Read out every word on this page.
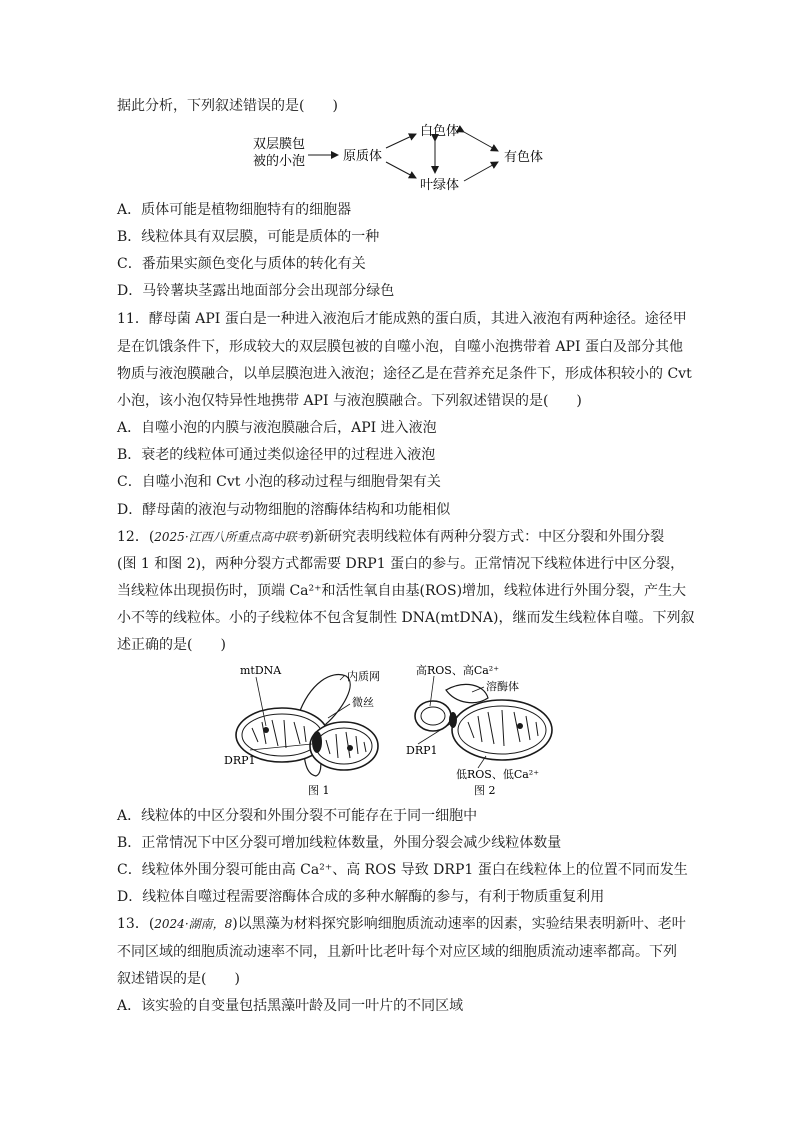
据此分析，下列叙述错误的是(　　)
双层膜包
被的小泡	原质体
白色体
叶绿体
有色体
A．质体可能是植物细胞特有的细胞器
B．线粒体具有双层膜，可能是质体的一种
C．番茄果实颜色变化与质体的转化有关
D．马铃薯块茎露出地面部分会出现部分绿色
11．酵母菌 API 蛋白是一种进入液泡后才能成熟的蛋白质，其进入液泡有两种途径。途径甲
是在饥饿条件下，形成较大的双层膜包被的自噬小泡，自噬小泡携带着 API 蛋白及部分其他
物质与液泡膜融合，以单层膜泡进入液泡；途径乙是在营养充足条件下，形成体积较小的 Cvt
小泡，该小泡仅特异性地携带 API 与液泡膜融合。下列叙述错误的是(　　)
A．自噬小泡的内膜与液泡膜融合后，API 进入液泡
B．衰老的线粒体可通过类似途径甲的过程进入液泡
C．自噬小泡和 Cvt 小泡的移动过程与细胞骨架有关
D．酵母菌的液泡与动物细胞的溶酶体结构和功能相似
12．(2025·江西八所重点高中联考)新研究表明线粒体有两种分裂方式：中区分裂和外围分裂
(图 1 和图 2)，两种分裂方式都需要 DRP1 蛋白的参与。正常情况下线粒体进行中区分裂，
当线粒体出现损伤时，顶端 Ca²⁺和活性氧自由基(ROS)增加，线粒体进行外围分裂，产生大
小不等的线粒体。小的子线粒体不包含复制性 DNA(mtDNA)，继而发生线粒体自噬。下列叙
述正确的是(　　)
mtDNA	内质网
微丝
DRP1
图 1
高ROS、高Ca²⁺
溶酶体
DRP1
低ROS、低Ca²⁺
图 2
A．线粒体的中区分裂和外围分裂不可能存在于同一细胞中
B．正常情况下中区分裂可增加线粒体数量，外围分裂会减少线粒体数量
C．线粒体外围分裂可能由高 Ca²⁺、高 ROS 导致 DRP1 蛋白在线粒体上的位置不同而发生
D．线粒体自噬过程需要溶酶体合成的多种水解酶的参与，有利于物质重复利用
13．(2024·湖南，8)以黑藻为材料探究影响细胞质流动速率的因素，实验结果表明新叶、老叶
不同区域的细胞质流动速率不同，且新叶比老叶每个对应区域的细胞质流动速率都高。下列
叙述错误的是(　　)
A．该实验的自变量包括黑藻叶龄及同一叶片的不同区域
